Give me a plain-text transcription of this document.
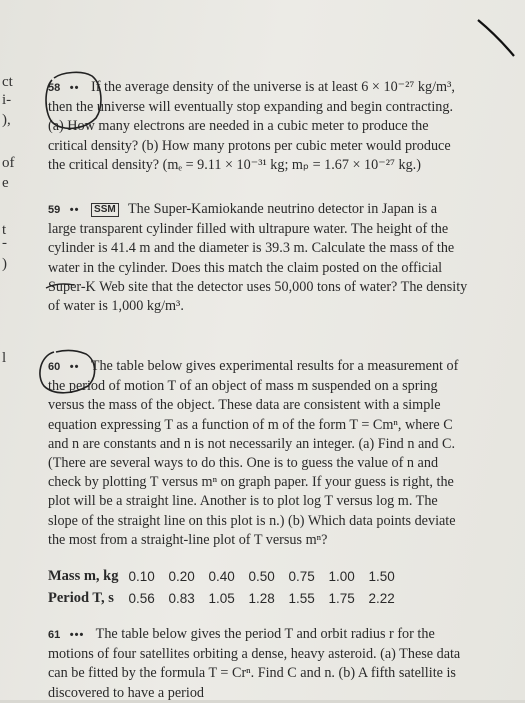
ct
i-
),
of
e
t
-
)
l

58 •• If the average density of the universe is at least 6 × 10⁻²⁷ kg/m³, then the universe will eventually stop expanding and begin contracting. (a) How many electrons are needed in a cubic meter to produce the critical density? (b) How many protons per cubic meter would produce the critical density? (mₑ = 9.11 × 10⁻³¹ kg; mₚ = 1.67 × 10⁻²⁷ kg.)

59 •• SSM The Super-Kamiokande neutrino detector in Japan is a large transparent cylinder filled with ultrapure water. The height of the cylinder is 41.4 m and the diameter is 39.3 m. Calculate the mass of the water in the cylinder. Does this match the claim posted on the official Super-K Web site that the detector uses 50,000 tons of water? The density of water is 1,000 kg/m³.

60 •• The table below gives experimental results for a measurement of the period of motion T of an object of mass m suspended on a spring versus the mass of the object. These data are consistent with a simple equation expressing T as a function of m of the form T = Cmⁿ, where C and n are constants and n is not necessarily an integer. (a) Find n and C. (There are several ways to do this. One is to guess the value of n and check by plotting T versus mⁿ on graph paper. If your guess is right, the plot will be a straight line. Another is to plot log T versus log m. The slope of the straight line on this plot is n.) (b) Which data points deviate the most from a straight-line plot of T versus mⁿ?

Mass m, kg	0.10	0.20	0.40	0.50	0.75	1.00	1.50
Period T, s	0.56	0.83	1.05	1.28	1.55	1.75	2.22

61 ••• The table below gives the period T and orbit radius r for the motions of four satellites orbiting a dense, heavy asteroid. (a) These data can be fitted by the formula T = Crⁿ. Find C and n. (b) A fifth satellite is discovered to have a period
